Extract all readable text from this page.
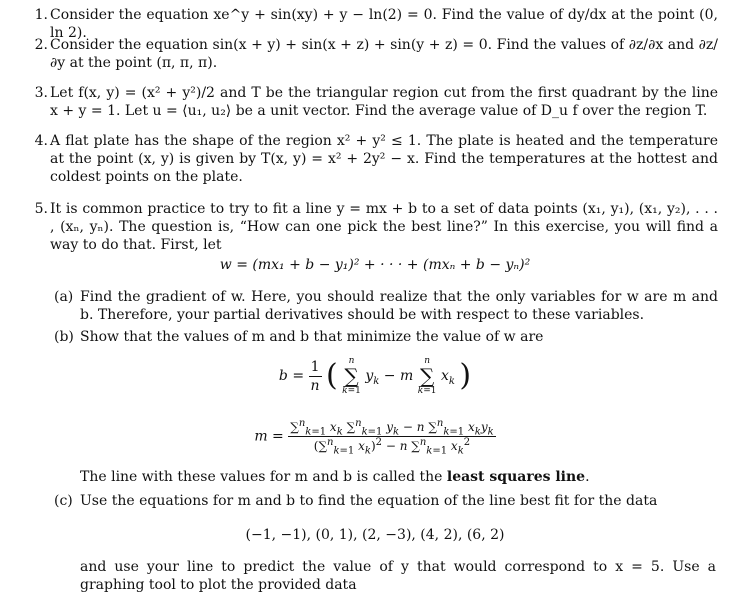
1. Consider the equation xe^y + sin(xy) + y − ln(2) = 0. Find the value of dy/dx at the point (0, ln 2).
2. Consider the equation sin(x + y) + sin(x + z) + sin(y + z) = 0. Find the values of ∂z/∂x and ∂z/∂y at the point (π, π, π).
3. Let f(x, y) = (x² + y²)/2 and T be the triangular region cut from the first quadrant by the line x + y = 1. Let u = ⟨u₁, u₂⟩ be a unit vector. Find the average value of D_u f over the region T.
4. A flat plate has the shape of the region x² + y² ≤ 1. The plate is heated and the temperature at the point (x, y) is given by T(x, y) = x² + 2y² − x. Find the temperatures at the hottest and coldest points on the plate.
5. It is common practice to try to fit a line y = mx + b to a set of data points (x₁, y₁), (x₁, y₂), . . . , (xₙ, yₙ). The question is, “How can one pick the best line?” In this exercise, you will find a way to do that. First, let
w = (mx₁ + b − y₁)² + · · · + (mxₙ + b − yₙ)²
(a) Find the gradient of w. Here, you should realize that the only variables for w are m and b. Therefore, your partial derivatives should be with respect to these variables.
(b) Show that the values of m and b that minimize the value of w are
$b = \frac{1}{n}$ ( n
∑
k=1 $y_k - m$ n
∑
k=1 $x_k$ )
$m = \frac{\sum^n_{k=1} x_k \sum^n_{k=1} y_k - n \sum^n_{k=1} x_ky_k}{(\sum^n_{k=1} x_k)^2 - n \sum^n_{k=1} x_k^2}$
The line with these values for m and b is called the least squares line.
(c) Use the equations for m and b to find the equation of the line best fit for the data
(−1, −1), (0, 1), (2, −3), (4, 2), (6, 2)
and use your line to predict the value of y that would correspond to x = 5. Use a graphing tool to plot the provided data
